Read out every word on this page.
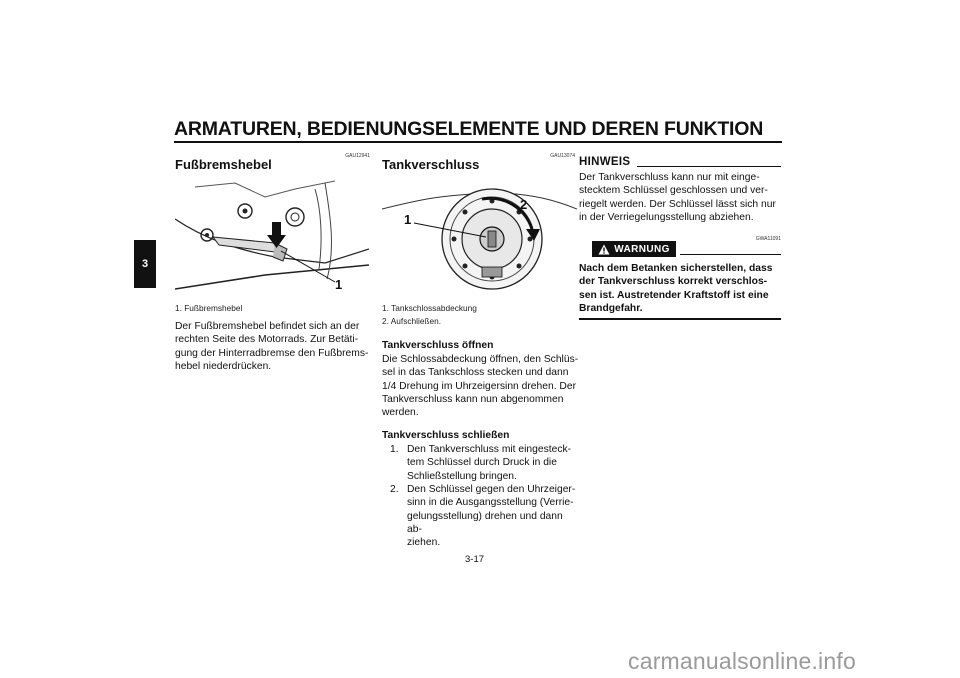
ARMATUREN, BEDIENUNGSELEMENTE UND DEREN FUNKTION
3
GAU12941
Fußbremshebel
1
1. Fußbremshebel
Der Fußbremshebel befindet sich an der
rechten Seite des Motorrads. Zur Betäti-
gung der Hinterradbremse den Fußbrems-
hebel niederdrücken.
GAU13074
Tankverschluss
1
2
1. Tankschlossabdeckung
2. Aufschließen.
Tankverschluss öffnen
Die Schlossabdeckung öffnen, den Schlüs-
sel in das Tankschloss stecken und dann
1/4 Drehung im Uhrzeigersinn drehen. Der
Tankverschluss kann nun abgenommen
werden.
Tankverschluss schließen
1. Den Tankverschluss mit eingesteck-
tem Schlüssel durch Druck in die
Schließstellung bringen.
2. Den Schlüssel gegen den Uhrzeiger-
sinn in die Ausgangsstellung (Verrie-
gelungsstellung) drehen und dann ab-
ziehen.
HINWEIS
Der Tankverschluss kann nur mit einge-
stecktem Schlüssel geschlossen und ver-
riegelt werden. Der Schlüssel lässt sich nur
in der Verriegelungsstellung abziehen.
GWA11091
WARNUNG
Nach dem Betanken sicherstellen, dass
der Tankverschluss korrekt verschlos-
sen ist. Austretender Kraftstoff ist eine
Brandgefahr.
3-17
carmanualsonline.info
